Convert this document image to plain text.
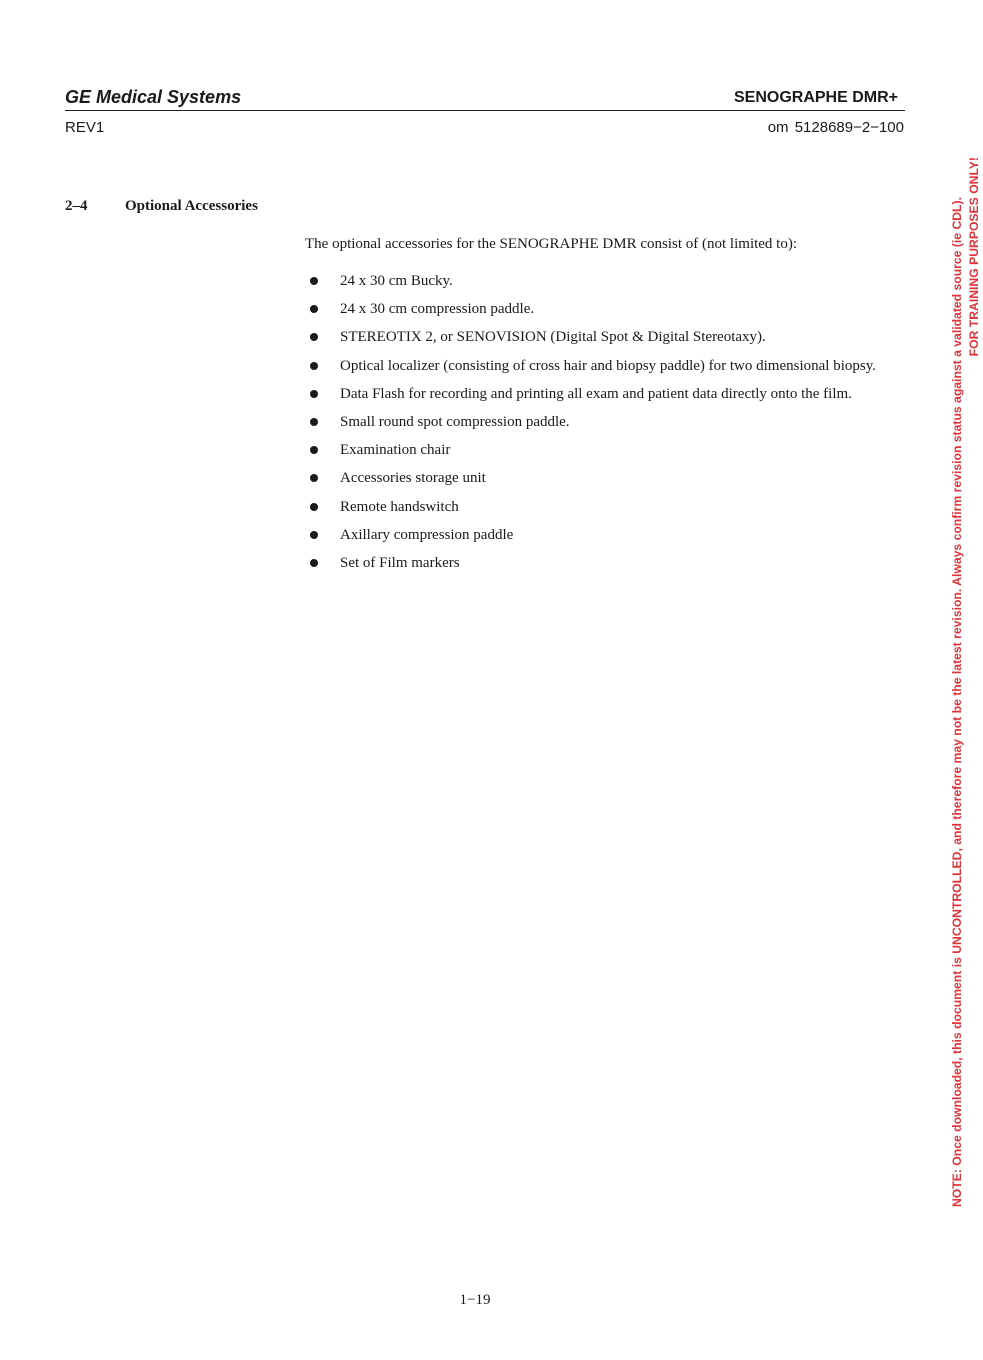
GE Medical Systems	SENOGRAPHE DMR+
REV1	om 5128689−2−100
2–4	Optional Accessories
The optional accessories for the SENOGRAPHE DMR consist of (not limited to):
24 x 30 cm Bucky.
24 x 30 cm compression paddle.
STEREOTIX 2, or SENOVISION (Digital Spot & Digital Stereotaxy).
Optical localizer (consisting of cross hair and biopsy paddle) for two dimensional biopsy.
Data Flash for recording and printing all exam and patient data directly onto the film.
Small round spot compression paddle.
Examination chair
Accessories storage unit
Remote handswitch
Axillary compression paddle
Set of Film markers
1−19
NOTE: Once downloaded, this document is UNCONTROLLED, and therefore may not be the latest revision. Always confirm revision status against a validated source (ie CDL). FOR TRAINING PURPOSES ONLY!
